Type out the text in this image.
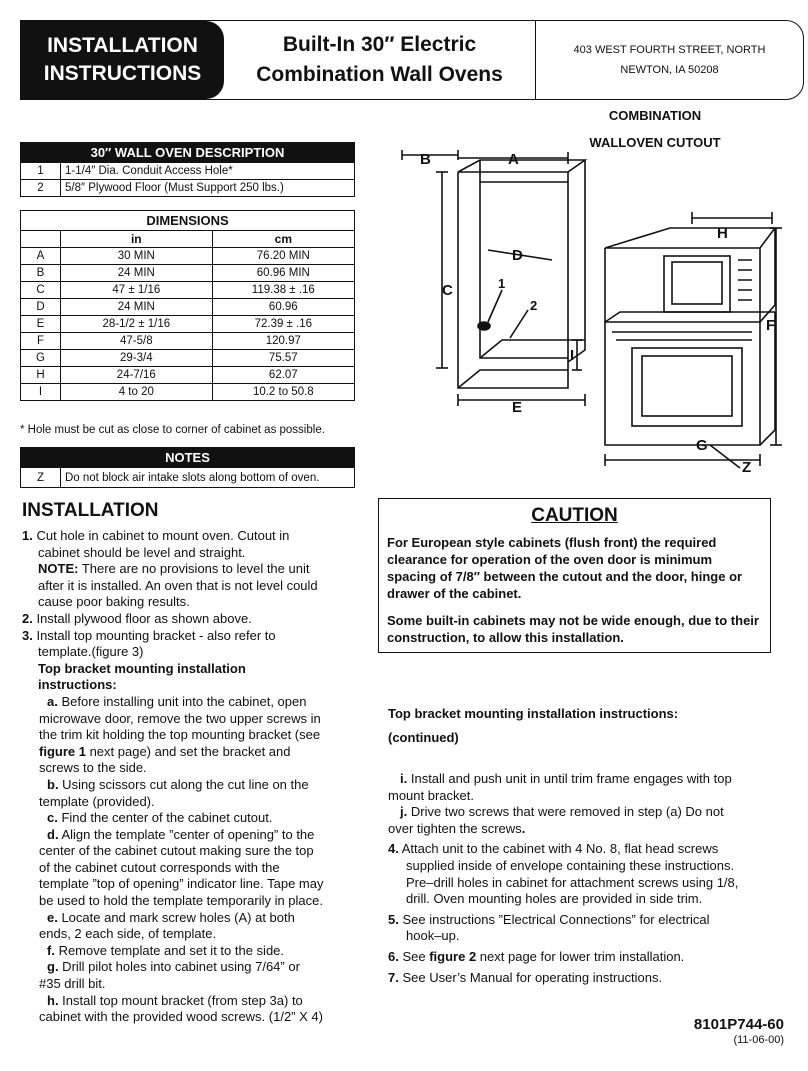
INSTALLATION
INSTRUCTIONS
Built-In 30″ Electric
Combination Wall Ovens
403 WEST FOURTH STREET, NORTH
NEWTON, IA 50208
30″ WALL OVEN DESCRIPTION	
1	1-1/4″ Dia. Conduit Access Hole*
2	5/8″ Plywood Floor (Must Support 250 lbs.)
DIMENSIONS		
	in	cm
A	30 MIN	76.20 MIN
B	24 MIN	60.96 MIN
C	47 ± 1/16	119.38 ± .16
D	24 MIN	60.96
E	28-1/2 ± 1/16	72.39 ± .16
F	47-5/8	120.97
G	29-3/4	75.57
H	24-7/16	62.07
I	4 to 20	10.2 to 50.8
* Hole must be cut as close to corner of cabinet as possible.
NOTES
Z	Do not block air intake slots along bottom of oven.
COMBINATION
WALLOVEN CUTOUT
B	A
C
D
1
2
I
E
H
F
G
Z
INSTALLATION
1. Cut hole in cabinet to mount oven. Cutout in
cabinet should be level and straight.
NOTE: There are no provisions to level the unit
after it is installed. An oven that is not level could
cause poor baking results.
2. Install plywood floor as shown above.
3. Install top mounting bracket - also refer to
template.(figure 3)
Top bracket mounting installation
instructions:
a. Before installing unit into the cabinet, open
microwave door, remove the two upper screws in
the trim kit holding the top mounting bracket (see
figure 1 next page) and set the bracket and
screws to the side.
b. Using scissors cut along the cut line on the
template (provided).
c. Find the center of the cabinet cutout.
d. Align the template ”center of opening” to the
center of the cabinet cutout making sure the top
of the cabinet cutout corresponds with the
template ”top of opening” indicator line. Tape may
be used to hold the template temporarily in place.
e. Locate and mark screw holes (A) at both
ends, 2 each side, of template.
f. Remove template and set it to the side.
g. Drill pilot holes into cabinet using 7/64” or
#35 drill bit.
h. Install top mount bracket (from step 3a) to
cabinet with the provided wood screws. (1/2” X 4)
CAUTION

For European style cabinets (flush front) the required clearance for operation of the oven door is minimum spacing of 7/8″ between the cutout and the door, hinge or drawer of the cabinet.

Some built-in cabinets may not be wide enough, due to their construction, to allow this installation.

Top bracket mounting installation instructions:
(continued)
i. Install and push unit in until trim frame engages with top
mount bracket.
j. Drive two screws that were removed in step (a) Do not
over tighten the screws.
4. Attach unit to the cabinet with 4 No. 8, flat head screws
supplied inside of envelope containing these instructions.
Pre–drill holes in cabinet for attachment screws using 1/8,
drill. Oven mounting holes are provided in side trim.
5. See instructions ”Electrical Connections” for electrical
hook–up.
6. See figure 2 next page for lower trim installation.
7. See User’s Manual for operating instructions.
8101P744-60
(11-06-00)
